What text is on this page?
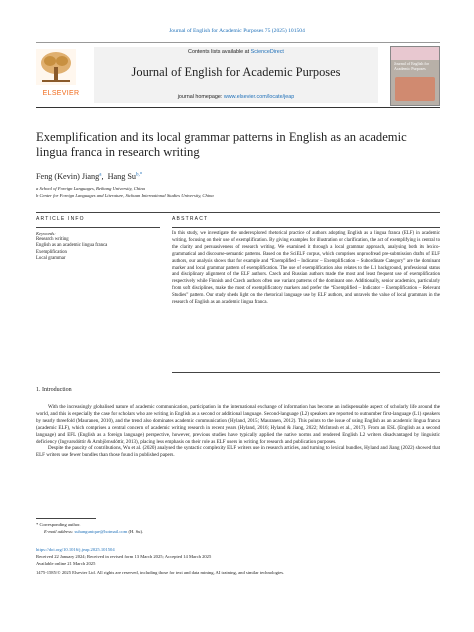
Journal of English for Academic Purposes 75 (2025) 101504
ELSEVIER
Contents lists available at ScienceDirect
Journal of English for Academic Purposes
journal homepage: www.elsevier.com/locate/jeap
Journal of English for Academic Purposes
Exemplification and its local grammar patterns in English as an academic lingua franca in research writing
Feng (Kevin) Jiang$^a$,  Hang $Su^{b,*}$
a School of Foreign Languages, Beihang University, China
b Center for Foreign Languages and Literature, Sichuan International Studies University, China
ARTICLE INFO	ABSTRACT
Keywords:
Research writing
English as an academic lingua franca
Exemplification
Local grammar
In this study, we investigate the underexplored rhetorical practice of authors adopting English as a lingua franca (ELF) in academic writing, focusing on their use of exemplification. By giving examples for illustration or clarification, the act of exemplifying is central to the clarity and persuasiveness of research writing. We examined it through a local grammar approach, analysing both its lexico-grammatical and discourse-semantic patterns. Based on the SciELF corpus, which comprises unproofread pre-submission drafts of ELF authors, our analysis shows that for example and “Exemplified – Indicator – Exemplification – Subordinate Category” are the dominant marker and local grammar pattern of exemplification. The use of exemplification also relates to the L1 background, professional status and disciplinary alignment of the ELF authors. Czech and Russian authors made the most and least frequent use of exemplification respectively while Finnish and Czech authors often use variant patterns of the dominant one. Additionally, senior academics, particularly from soft disciplines, make the most of exemplificatory markers and prefer the “Exemplified – Indicator – Exemplification – Relevant Studies” pattern. Our study sheds light on the rhetorical language use by ELF authors, and unravels the value of local grammars in the research of English as an academic lingua franca.
1. Introduction

With the increasingly globalised nature of academic communication, participation in the international exchange of information has become an indispensable aspect of scholarly life around the world, and this is especially the case for scholars who are writing in English as a second or additional language. Second-language (L2) speakers are reported to outnumber first-language (L1) speakers by nearly threefold (Mauranen, 2010), and the trend also dominates academic communication (Hyland, 2015; Mauranen, 2012). This points to the issue of using English as an academic lingua franca (academic ELF), which comprises a central concern of academic writing research in recent years (Hyland, 2016; Hyland & Jiang, 2022; McIntosh et al., 2017). From an ESL (English as a second language) and EFL (English as a foreign language) perspective, however, previous studies have typically applied the native norms and rendered English L2 writers disadvantaged by linguistic deficiency (Ingvarsdóttir & Arnbjörnsdóttir, 2013), placing less emphasis on their role as ELF users in writing for research and publication purposes.

Despite the paucity of contributions, Wu et al. (2020) analysed the syntactic complexity ELF writers use in research articles, and turning to lexical bundles, Hyland and Jiang (2022) showed that ELF writers use fewer bundles than those found in published papers.

* Corresponding author.
E-mail address: suhangunique@hotmail.com (H. Su).
https://doi.org/10.1016/j.jeap.2025.101504
Received 22 January 2024; Received in revised form 13 March 2025; Accepted 14 March 2025
Available online 21 March 2025
1475-1585/© 2025 Elsevier Ltd. All rights are reserved, including those for text and data mining, AI training, and similar technologies.
